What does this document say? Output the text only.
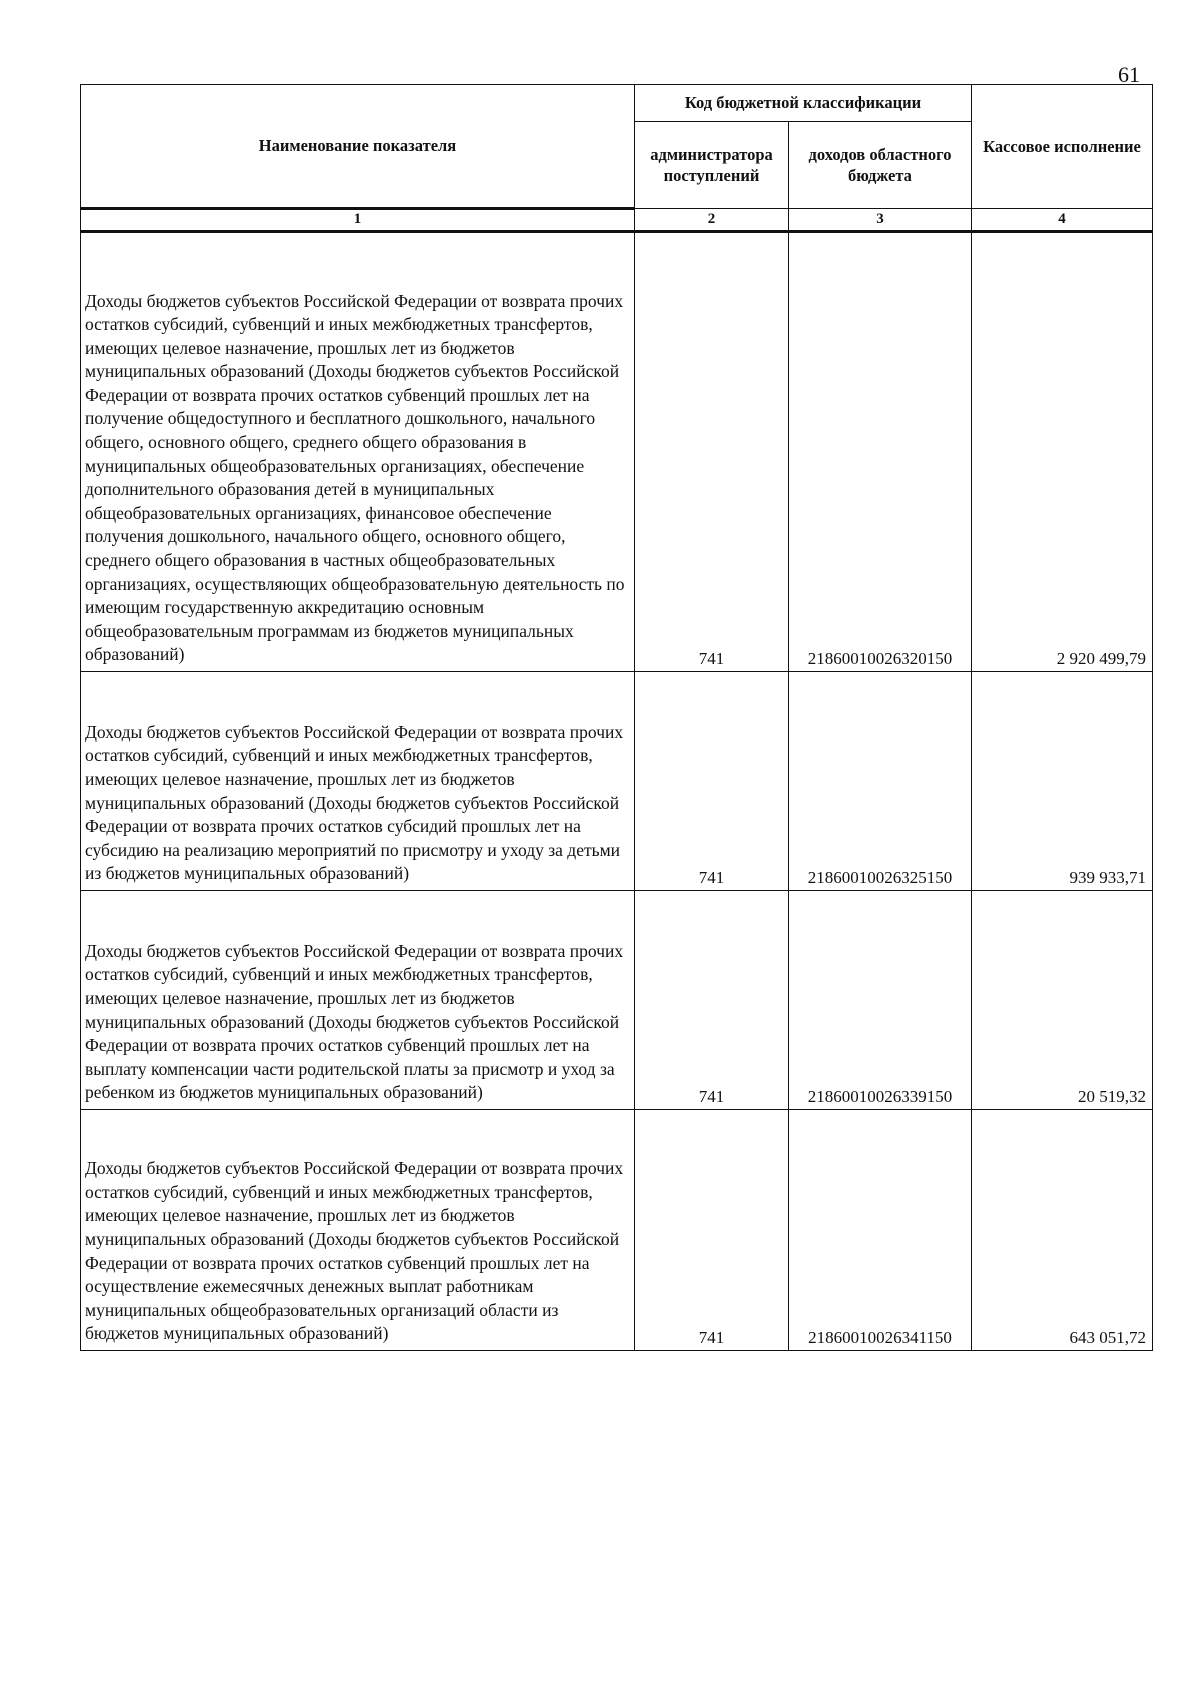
61
Наименование показателя	Код бюджетной классификации		Кассовое исполнение
	администратора поступлений	доходов областного бюджета	
1	2	3	4
Доходы бюджетов субъектов Российской Федерации от возврата прочих остатков субсидий, субвенций и иных межбюджетных трансфертов, имеющих целевое назначение, прошлых лет из бюджетов муниципальных образований (Доходы бюджетов субъектов Российской Федерации от возврата прочих остатков субвенций прошлых лет на получение общедоступного и бесплатного дошкольного, начального общего, основного общего, среднего общего образования в муниципальных общеобразовательных организациях, обеспечение дополнительного образования детей в муниципальных общеобразовательных организациях, финансовое обеспечение получения дошкольного, начального общего, основного общего, среднего общего образования в частных общеобразовательных организациях, осуществляющих общеобразовательную деятельность по имеющим государственную аккредитацию основным общеобразовательным программам из бюджетов муниципальных образований)	741	21860010026320150	2 920 499,79
Доходы бюджетов субъектов Российской Федерации от возврата прочих остатков субсидий, субвенций и иных межбюджетных трансфертов, имеющих целевое назначение, прошлых лет из бюджетов муниципальных образований (Доходы бюджетов субъектов Российской Федерации от возврата прочих остатков субсидий прошлых лет на субсидию на реализацию мероприятий по присмотру и уходу за детьми из бюджетов муниципальных образований)	741	21860010026325150	939 933,71
Доходы бюджетов субъектов Российской Федерации от возврата прочих остатков субсидий, субвенций и иных межбюджетных трансфертов, имеющих целевое назначение, прошлых лет из бюджетов муниципальных образований (Доходы бюджетов субъектов Российской Федерации от возврата прочих остатков субвенций прошлых лет на выплату компенсации части родительской платы за присмотр и уход за ребенком из бюджетов муниципальных образований)	741	21860010026339150	20 519,32
Доходы бюджетов субъектов Российской Федерации от возврата прочих остатков субсидий, субвенций и иных межбюджетных трансфертов, имеющих целевое назначение, прошлых лет из бюджетов муниципальных образований (Доходы бюджетов субъектов Российской Федерации от возврата прочих остатков субвенций прошлых лет на осуществление ежемесячных денежных выплат работникам муниципальных общеобразовательных организаций области из бюджетов муниципальных образований)	741	21860010026341150	643 051,72
